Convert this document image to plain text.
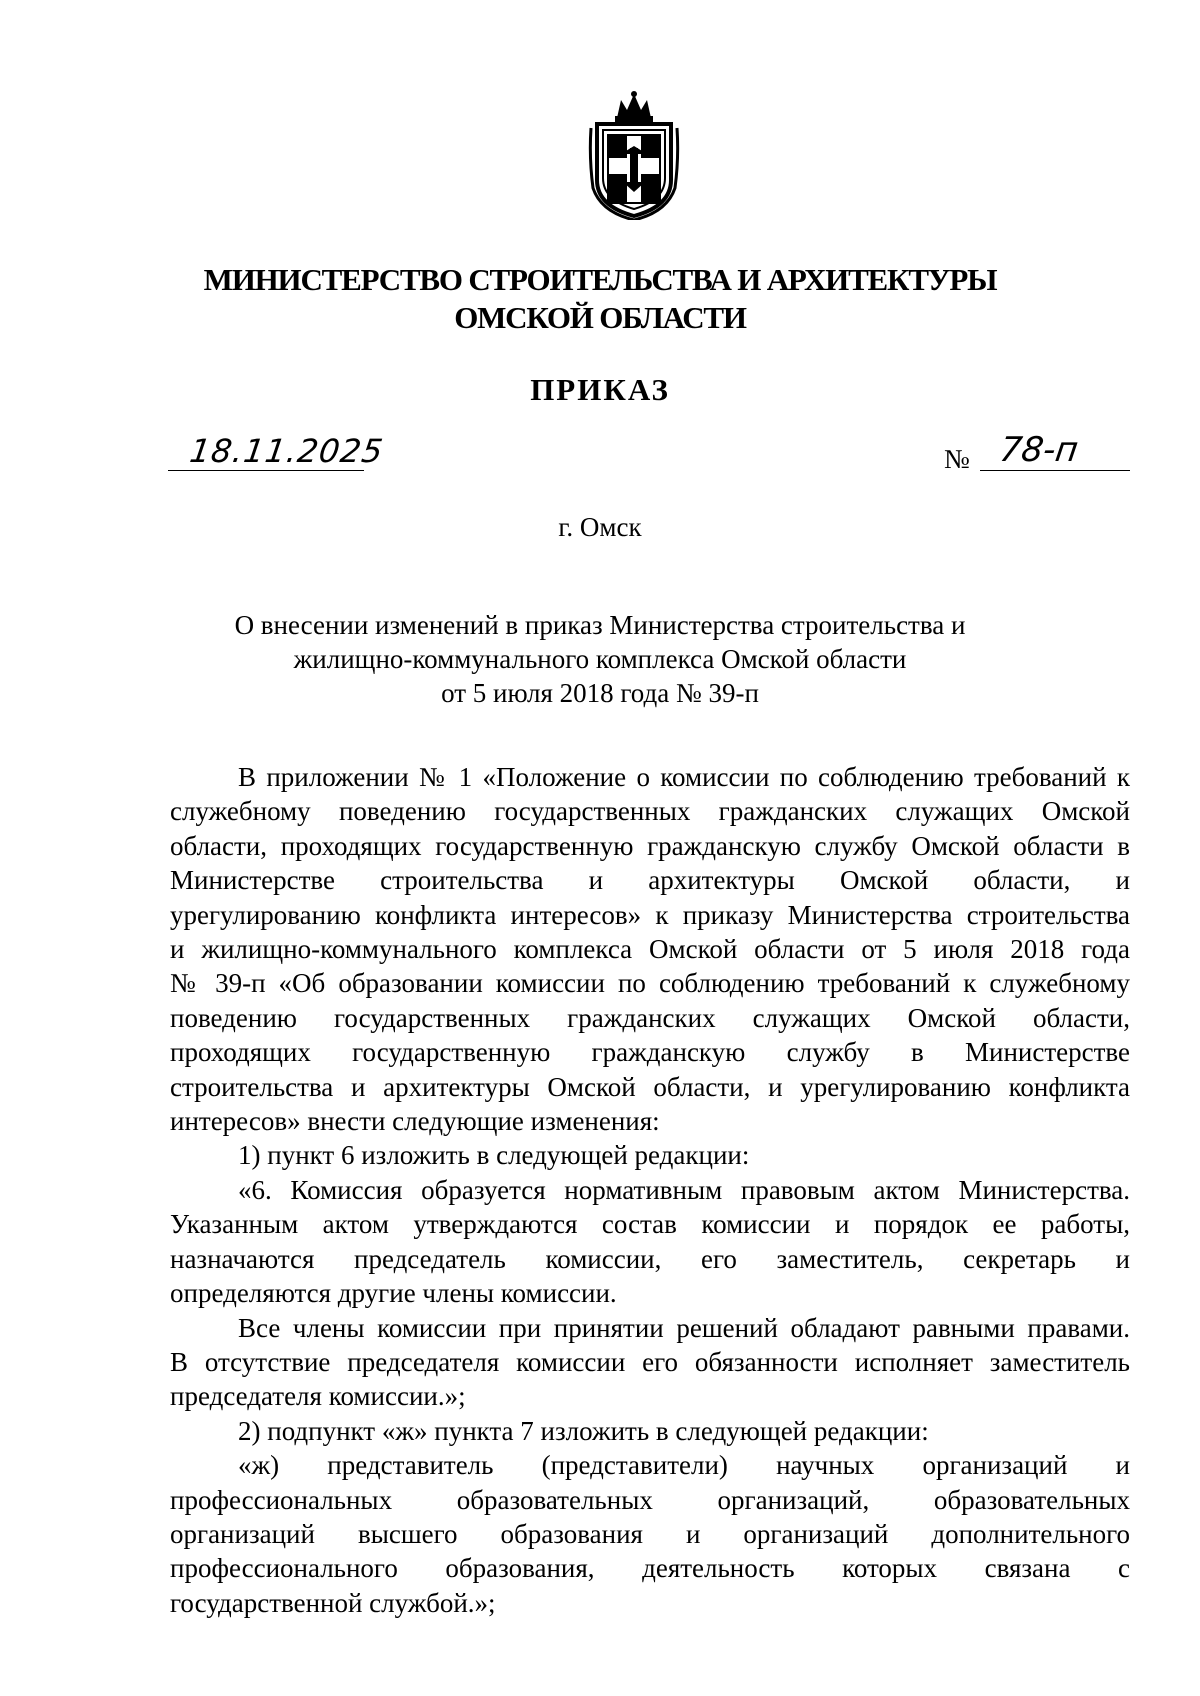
МИНИСТЕРСТВО СТРОИТЕЛЬСТВА И АРХИТЕКТУРЫ
ОМСКОЙ ОБЛАСТИ
ПРИКАЗ
18.11.2025	№ 78-п
г. Омск
О внесении изменений в приказ Министерства строительства и
жилищно-коммунального комплекса Омской области
от 5 июля 2018 года № 39-п
В приложении № 1 «Положение о комиссии по соблюдению требований к
служебному поведению государственных гражданских служащих Омской
области, проходящих государственную гражданскую службу Омской области в
Министерстве строительства и архитектуры Омской области, и
урегулированию конфликта интересов» к приказу Министерства строительства
и жилищно-коммунального комплекса Омской области от 5 июля 2018 года
№ 39-п «Об образовании комиссии по соблюдению требований к служебному
поведению государственных гражданских служащих Омской области,
проходящих государственную гражданскую службу в Министерстве
строительства и архитектуры Омской области, и урегулированию конфликта
интересов» внести следующие изменения:
1) пункт 6 изложить в следующей редакции:
«6. Комиссия образуется нормативным правовым актом Министерства.
Указанным актом утверждаются состав комиссии и порядок ее работы,
назначаются председатель комиссии, его заместитель, секретарь и
определяются другие члены комиссии.
Все члены комиссии при принятии решений обладают равными правами.
В отсутствие председателя комиссии его обязанности исполняет заместитель
председателя комиссии.»;
2) подпункт «ж» пункта 7 изложить в следующей редакции:
«ж) представитель (представители) научных организаций и
профессиональных образовательных организаций, образовательных
организаций высшего образования и организаций дополнительного
профессионального образования, деятельность которых связана с
государственной службой.»;
